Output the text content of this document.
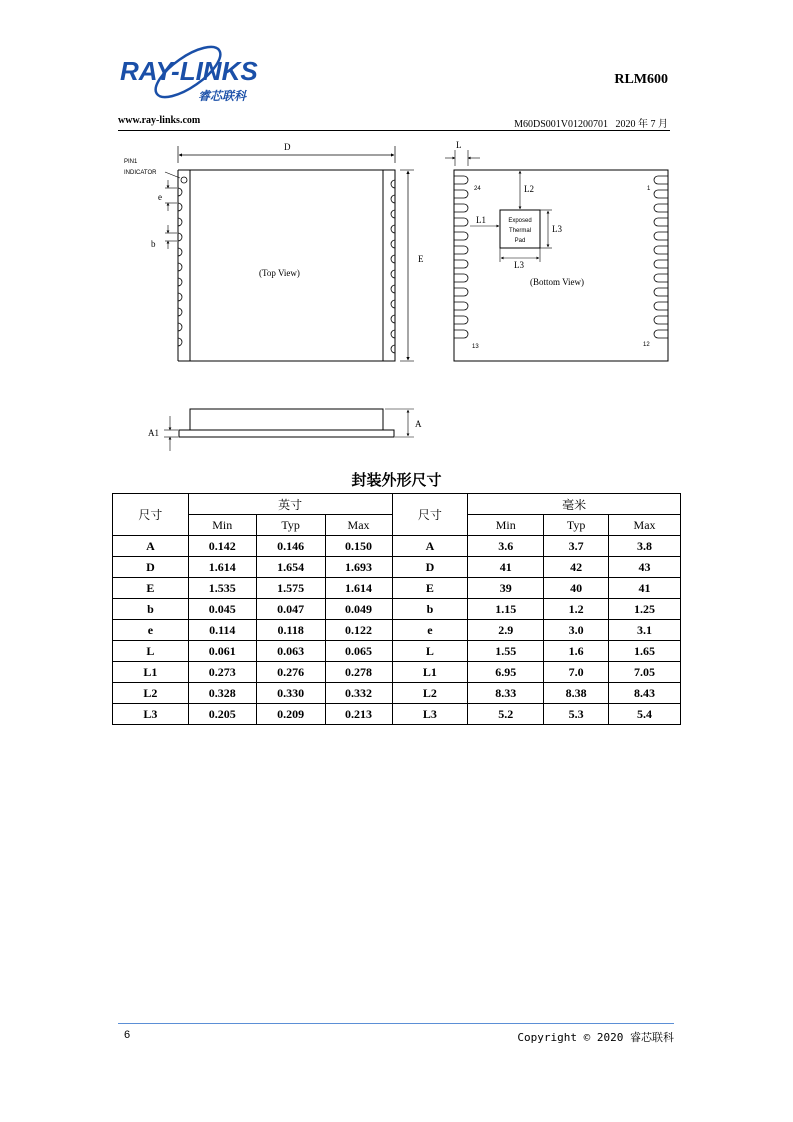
RAY-LINKS
睿芯联科
RLM600
www.ray-links.com	M60DS001V01200701 2020 年 7 月
D
PIN1
INDICATOR
e
b
E
(Top View)
L
24	1
13	12
Exposed
Thermal
Pad
L2
L1
L3
L3
(Bottom View)
A
A1
封装外形尺寸
尺寸	英寸			尺寸	毫米		
	Min	Typ	Max		Min	Typ	Max
A	0.142	0.146	0.150	A	3.6	3.7	3.8
D	1.614	1.654	1.693	D	41	42	43
E	1.535	1.575	1.614	E	39	40	41
b	0.045	0.047	0.049	b	1.15	1.2	1.25
e	0.114	0.118	0.122	e	2.9	3.0	3.1
L	0.061	0.063	0.065	L	1.55	1.6	1.65
L1	0.273	0.276	0.278	L1	6.95	7.0	7.05
L2	0.328	0.330	0.332	L2	8.33	8.38	8.43
L3	0.205	0.209	0.213	L3	5.2	5.3	5.4
6	Copyright © 2020 睿芯联科
